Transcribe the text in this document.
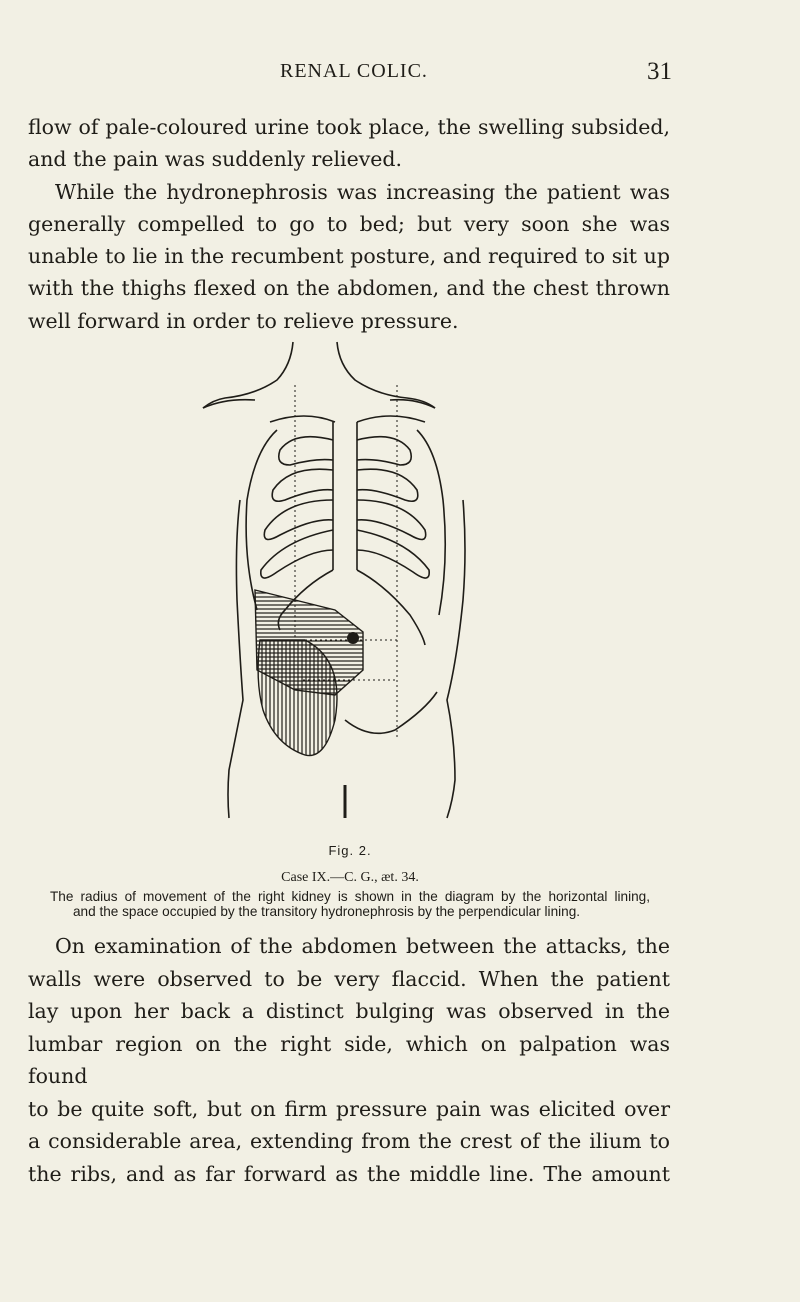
RENAL COLIC.	31

flow of pale-coloured urine took place, the swelling subsided,

and the pain was suddenly relieved.

While the hydronephrosis was increasing the patient was

generally compelled to go to bed; but very soon she was

unable to lie in the recumbent posture, and required to sit up

with the thighs flexed on the abdomen, and the chest thrown

well forward in order to relieve pressure.

Fig. 2.
Case IX.—C. G., æt. 34.
The radius of movement of the right kidney is shown in the diagram by the horizontal lining,
and the space occupied by the transitory hydronephrosis by the perpendicular lining.

On examination of the abdomen between the attacks, the

walls were observed to be very flaccid. When the patient

lay upon her back a distinct bulging was observed in the

lumbar region on the right side, which on palpation was found

to be quite soft, but on firm pressure pain was elicited over

a considerable area, extending from the crest of the ilium to

the ribs, and as far forward as the middle line. The amount
